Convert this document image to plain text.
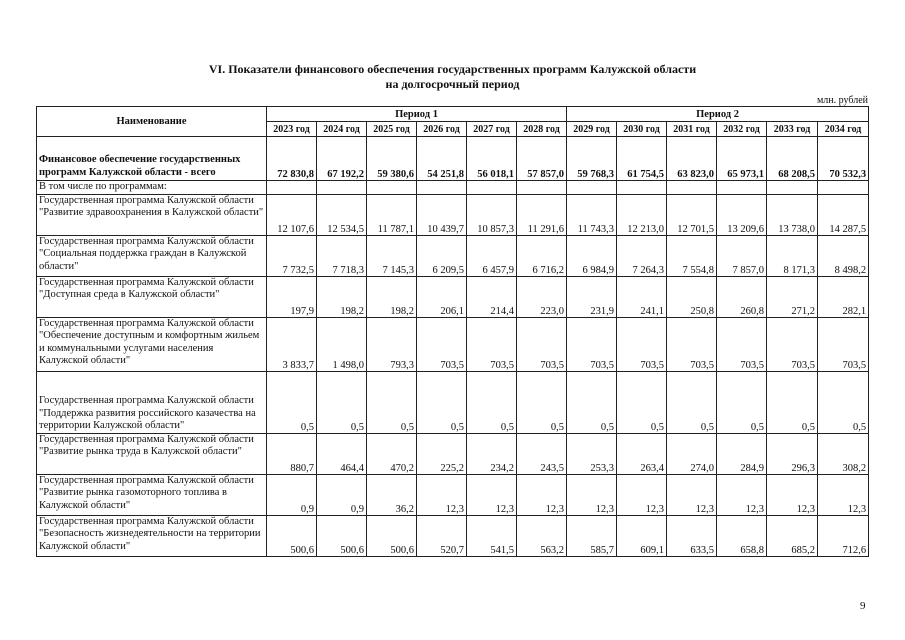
VI. Показатели финансового обеспечения государственных программ Калужской области
на долгосрочный период
млн. рублей
Наименование	Период 1						Период 2					
	2023 год	2024 год	2025 год	2026 год	2027 год	2028 год	2029 год	2030 год	2031 год	2032 год	2033 год	2034 год
Финансовое обеспечение государственных программ Калужской области - всего	72 830,8	67 192,2	59 380,6	54 251,8	56 018,1	57 857,0	59 768,3	61 754,5	63 823,0	65 973,1	68 208,5	70 532,3
В том числе по программам:												
Государственная программа Калужской области "Развитие здравоохранения в Калужской области"	12 107,6	12 534,5	11 787,1	10 439,7	10 857,3	11 291,6	11 743,3	12 213,0	12 701,5	13 209,6	13 738,0	14 287,5
Государственная программа Калужской области "Социальная поддержка граждан в Калужской области"	7 732,5	7 718,3	7 145,3	6 209,5	6 457,9	6 716,2	6 984,9	7 264,3	7 554,8	7 857,0	8 171,3	8 498,2
Государственная программа Калужской области "Доступная среда в Калужской области"	197,9	198,2	198,2	206,1	214,4	223,0	231,9	241,1	250,8	260,8	271,2	282,1
Государственная программа Калужской области "Обеспечение доступным и комфортным жильем и коммунальными услугами населения Калужской области"	3 833,7	1 498,0	793,3	703,5	703,5	703,5	703,5	703,5	703,5	703,5	703,5	703,5
Государственная программа Калужской области "Поддержка развития российского казачества на территории Калужской области"	0,5	0,5	0,5	0,5	0,5	0,5	0,5	0,5	0,5	0,5	0,5	0,5
Государственная программа Калужской области "Развитие рынка труда в Калужской области"	880,7	464,4	470,2	225,2	234,2	243,5	253,3	263,4	274,0	284,9	296,3	308,2
Государственная программа Калужской области "Развитие рынка газомоторного топлива в Калужской области"	0,9	0,9	36,2	12,3	12,3	12,3	12,3	12,3	12,3	12,3	12,3	12,3
Государственная программа Калужской области "Безопасность жизнедеятельности на территории Калужской области"	500,6	500,6	500,6	520,7	541,5	563,2	585,7	609,1	633,5	658,8	685,2	712,6
9
